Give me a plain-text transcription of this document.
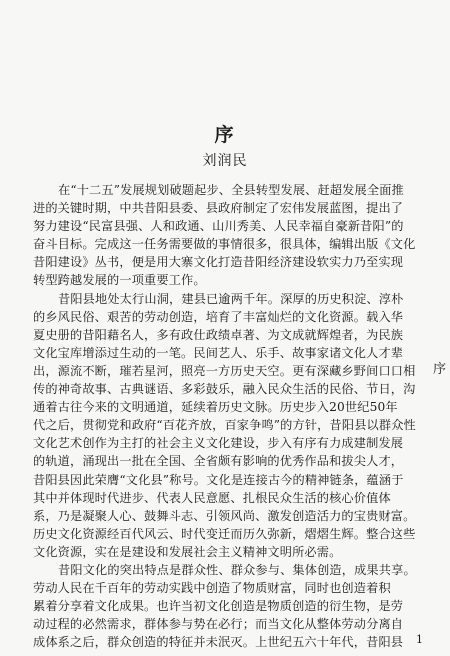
序
刘润民

在“十二五”发展规划破题起步、全县转型发展、赶超发展全面推

进的关键时期，中共昔阳县委、县政府制定了宏伟发展蓝图，提出了

努力建设“民富县强、人和政通、山川秀美、人民幸福自豪新昔阳”的

奋斗目标。完成这一任务需要做的事情很多，很具体，编辑出版《文化

昔阳建设》丛书，便是用大寨文化打造昔阳经济建设软实力乃至实现

转型跨越发展的一项重要工作。

昔阳县地处太行山洞，建县已逾两千年。深厚的历史积淀、淳朴

的乡风民俗、艰苦的劳动创造，培育了丰富灿烂的文化资源。载入华

夏史册的昔阳藉名人，多有政仕政绩卓著、为文成就辉煌者，为民族

文化宝库增添过生动的一笔。民间艺人、乐手、故事家诸文化人才辈

出，源流不断，璀若星河，照亮一方历史天空。更有深藏乡野间口口相

传的神奇故事、古典谜语、多彩鼓乐，融入民众生活的民俗、节日，沟

通着古往今来的文明通道，延续着历史文脉。历史步入20世纪50年

代之后，贯彻党和政府“百花齐放，百家争鸣”的方针，昔阳县以群众性

文化艺术创作为主打的社会主义文化建设，步入有序有力成建制发展

的轨道，涌现出一批在全国、全省颇有影响的优秀作品和拔尖人才，

昔阳县因此荣膺“文化县”称号。文化是连接古今的精神链条，蕴涵于

其中并体现时代进步、代表人民意愿、扎根民众生活的核心价值体

系，乃是凝聚人心、鼓舞斗志、引领风尚、激发创造活力的宝贵财富。

历史文化资源经百代风云、时代变迁而历久弥新，熠熠生辉。整合这些

文化资源，实在是建设和发展社会主义精神文明所必需。

昔阳文化的突出特点是群众性、群众参与、集体创造，成果共享。

劳动人民在千百年的劳动实践中创造了物质财富，同时也创造着积

累着分享着文化成果。也许当初文化创造是物质创造的衍生物，是劳

动过程的必然需求，群体参与势在必行；而当文化从整体劳动分离自

成体系之后，群众创造的特征并未泯灭。上世纪五六十年代，昔阳县

序
1
